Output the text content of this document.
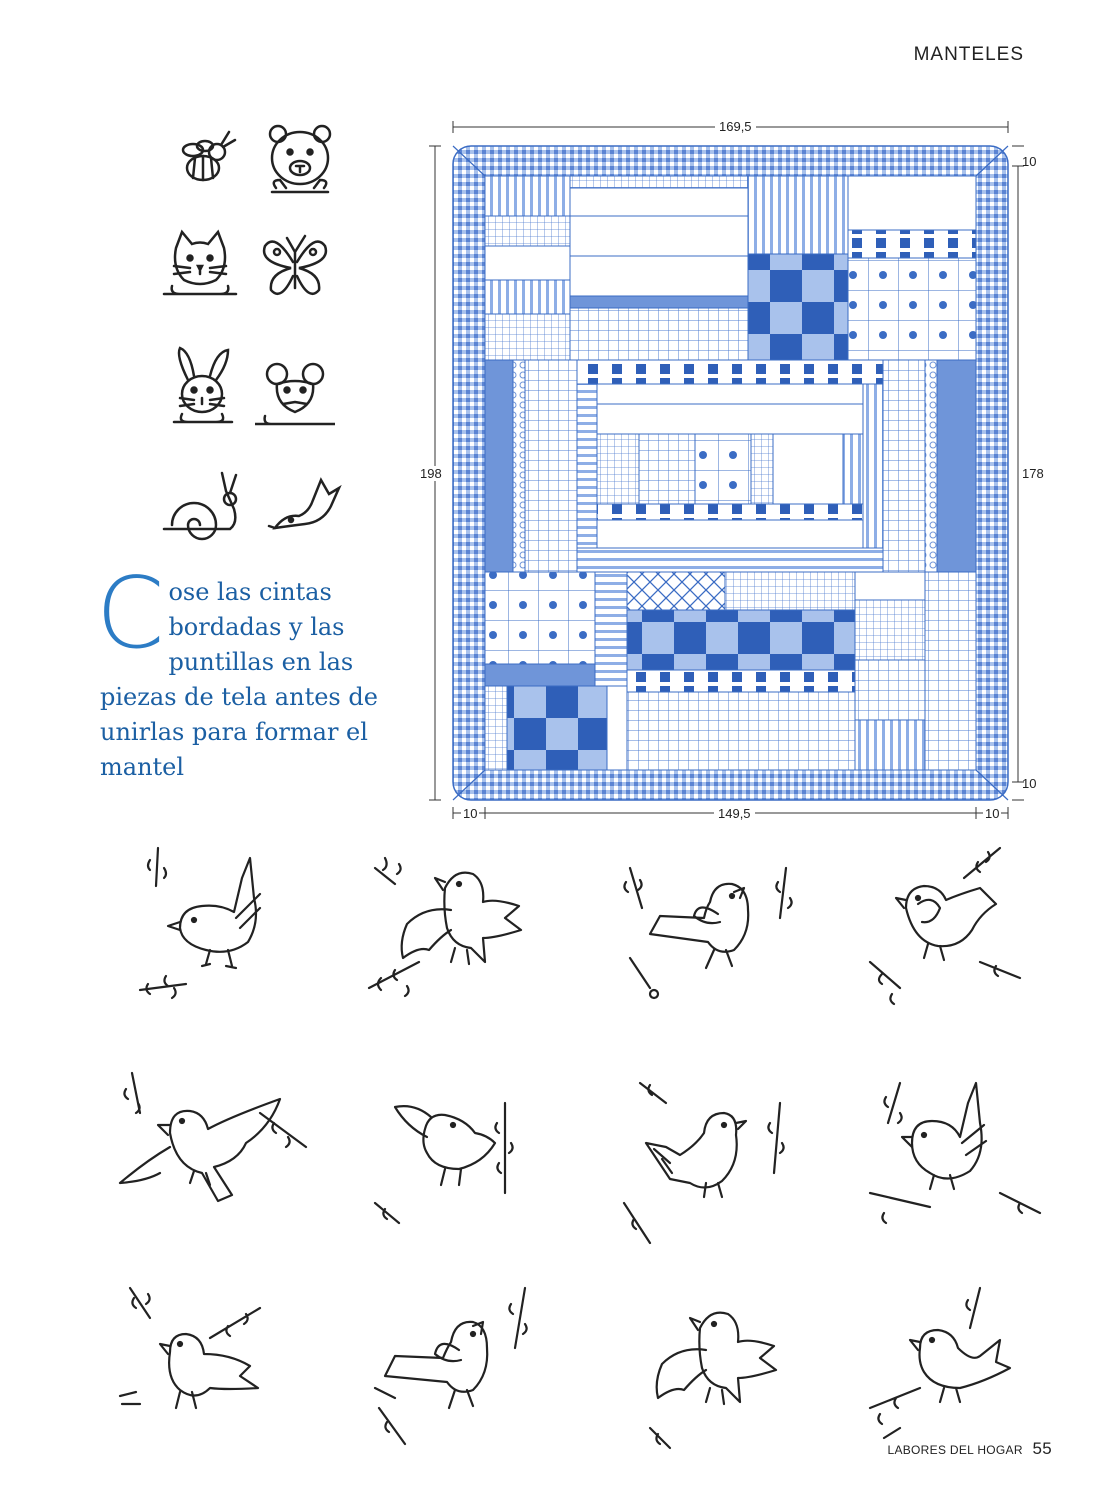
MANTELES
C ose las cintas
bordadas y las
puntillas en las piezas de tela antes de unirlas para formar el mantel
169,5
198	178
10
10
10	149,5	10
LABORES DEL HOGAR 55
